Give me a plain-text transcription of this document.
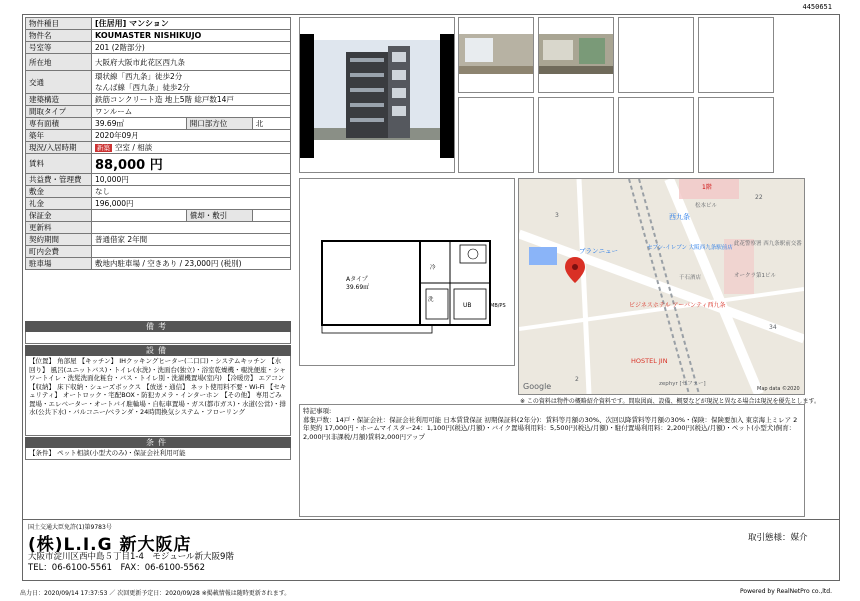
4450651
物件種目	[住居用] マンション		
物件名	KOUMASTER NISHIKUJO		
号室等	201 (2階部分)		
所在地	大阪府大阪市此花区西九条		
交通	環状線「西九条」徒歩2分
なんば線「西九条」徒歩2分		

建築構造	鉄筋コンクリート造 地上5階 総戸数14戸		
間取タイプ	ワンルーム		
専有面積	39.69㎡	開口部方位	北
築年	2020年09月		
現況/入居時期	新築 空室 / 相談		
賃料	88,000 円		
共益費・管理費	10,000円		
敷金	なし		
礼金	196,000円		
保証金		償却・敷引	
更新料			
契約期間	普通借家 2年間		
町内会費			
駐車場	敷地内駐車場 / 空きあり / 23,000円 (税別)		
備考
設備
【位置】 角部屋 【キッチン】 IHクッキングヒーター(二口口)・システムキッチン 【水回り】 風呂(ユニットバス)・トイレ(水洗)・洗面台(独立)・浴室乾燥機・覗洗便座・シャワートイレ・洗髪洗面化粧台・バス・トイレ別・洗濯機置場(室内) 【冷暖房】 エアコン 【収納】 床下収納・シューズボックス 【放送・通信】 ネット使用料不要・Wi-Fi 【セキュリティ】 オートロック・宅配BOX・防犯カメラ・インターホン 【その他】 専用ごみ置場・エレベーター・オートバイ駐輪場・自転車置場・ガス(都市ガス)・水道(公営)・排水(公共下水)・バルコニー/ベランダ・24時間換気システム・フローリング
条件
【条件】 ペット相談(小型犬のみ)・保証会社利用可能
Aタイプ
39.69㎡
洗
UB
冷
MB/PS
1階
西九条
ブランニュー	セブン-イレブン 大阪西九条駅前店
此花警察署 西九条駅前交番
ビジネスホテル アーバンティ西九条
HOSTEL JIN
zephyr [ゼファー]
オークラ第1ビル
松本ビル
千石酒店
2
3
22
34
Google	Map data ©2020
※ この資料は物件の概略紹介資料です。間取図面、設備、概要などが現況と異なる場合は現況を優先とします。
特記事項:
募集戸数：14戸・保証会社：保証会社利用可能 日本賃貸保証 初期保証料(2年分)：賃料等月額の30%、次回以降賃料等月額の30%・保険：保険要加入 東京海上ミレア 2年契約 17,000円・ホームマイスター24：1,100円(税込/月額)・バイク置場利用料：5,500円(税込/月額)・駐付置場利用料：2,200円(税込/月額)・ペット(小型犬)飼育：2,000円(非課税/月額)賃料2,000円アップ
国土交通大臣免許(1)第9783号
(株)L.I.G 新大阪店
大阪市淀川区西中島５丁目1-4　モジュール新大阪9階
TEL：06-6100-5561　FAX：06-6100-5562
取引態様：媒介
出力日：2020/09/14 17:37:53 ／ 次回更新予定日：2020/09/28 ※掲載情報は随時更新されます。	Powered by RealNetPro co.,ltd.
